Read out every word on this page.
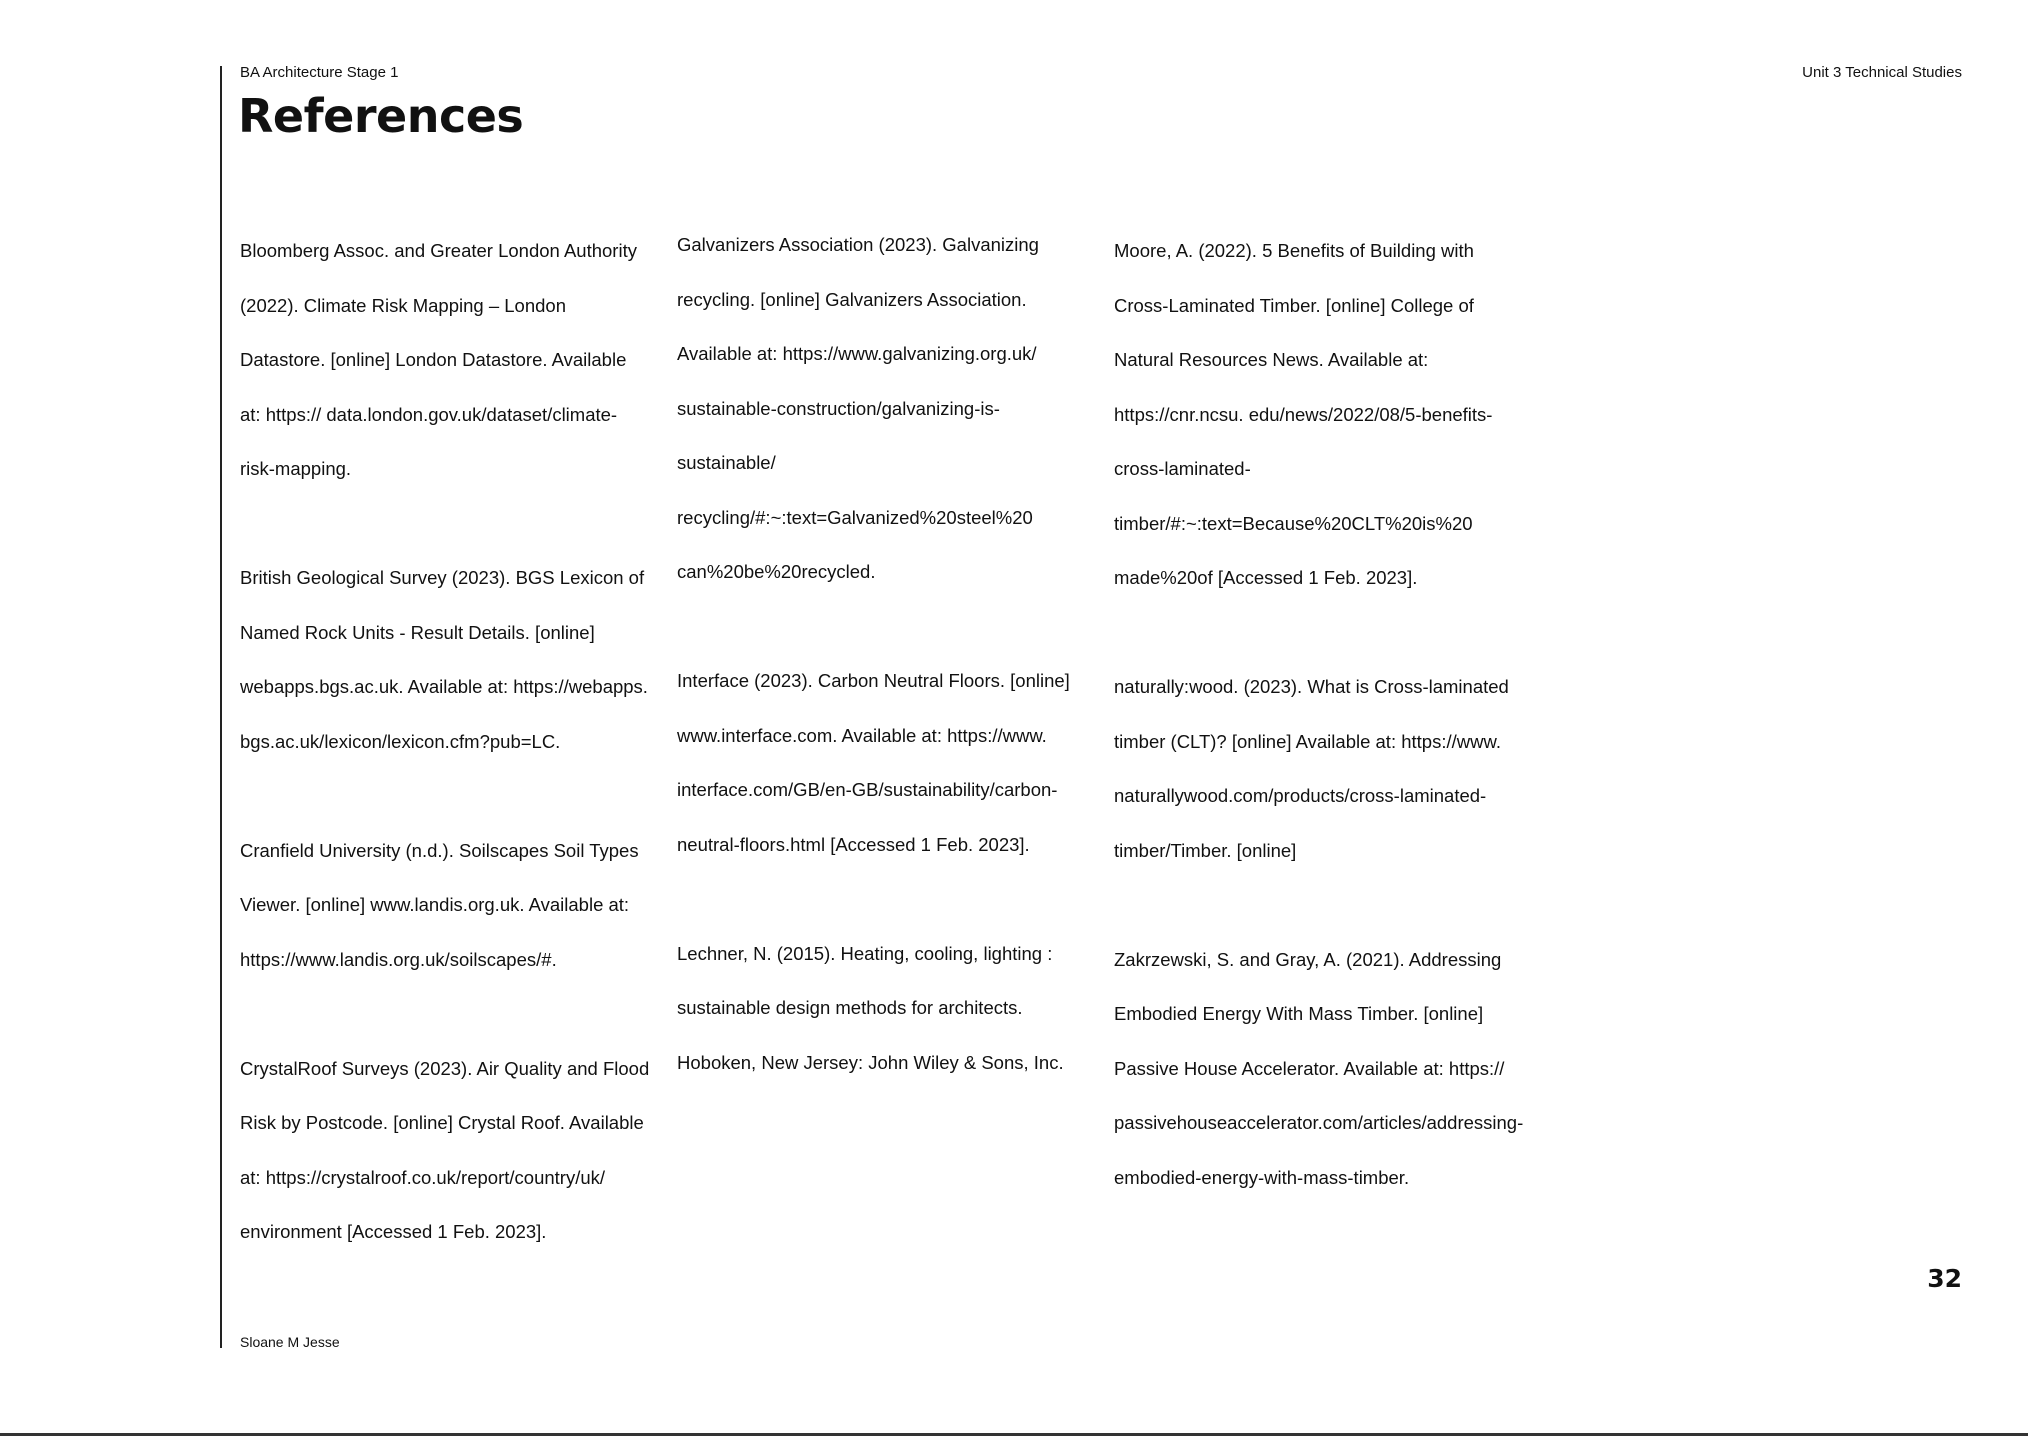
BA Architecture Stage 1	Unit 3 Technical Studies
References

Bloomberg Assoc. and Greater London Authority (2022). Climate Risk Mapping – London Datastore. [online] London Datastore. Available at: https:// data.london.gov.uk/dataset/climate-risk-mapping.

British Geological Survey (2023). BGS Lexicon of Named Rock Units - Result Details. [online] webapps.bgs.ac.uk. Available at: https://webapps. bgs.ac.uk/lexicon/lexicon.cfm?pub=LC.

Cranfield University (n.d.). Soilscapes Soil Types Viewer. [online] www.landis.org.uk. Available at: https://www.landis.org.uk/soilscapes/#.

CrystalRoof Surveys (2023). Air Quality and Flood Risk by Postcode. [online] Crystal Roof. Available at: https://crystalroof.co.uk/report/country/uk/ environment [Accessed 1 Feb. 2023].

Galvanizers Association (2023). Galvanizing recycling. [online] Galvanizers Association. Available at: https://www.galvanizing.org.uk/ sustainable-construction/galvanizing-is-sustainable/ recycling/#:~:text=Galvanized%20steel%20 can%20be%20recycled.

Interface (2023). Carbon Neutral Floors. [online] www.interface.com. Available at: https://www. interface.com/GB/en-GB/sustainability/carbon- neutral-floors.html [Accessed 1 Feb. 2023].

Lechner, N. (2015). Heating, cooling, lighting : sustainable design methods for architects. Hoboken, New Jersey: John Wiley & Sons, Inc.

Moore, A. (2022). 5 Benefits of Building with Cross-Laminated Timber. [online] College of Natural Resources News. Available at: https://cnr.ncsu. edu/news/2022/08/5-benefits-cross-laminated- timber/#:~:text=Because%20CLT%20is%20 made%20of [Accessed 1 Feb. 2023].

naturally:wood. (2023). What is Cross-laminated timber (CLT)? [online] Available at: https://www. naturallywood.com/products/cross-laminated- timber/Timber. [online]

Zakrzewski, S. and Gray, A. (2021). Addressing Embodied Energy With Mass Timber. [online] Passive House Accelerator. Available at: https:// passivehouseaccelerator.com/articles/addressing- embodied-energy-with-mass-timber.

32
Sloane M Jesse
